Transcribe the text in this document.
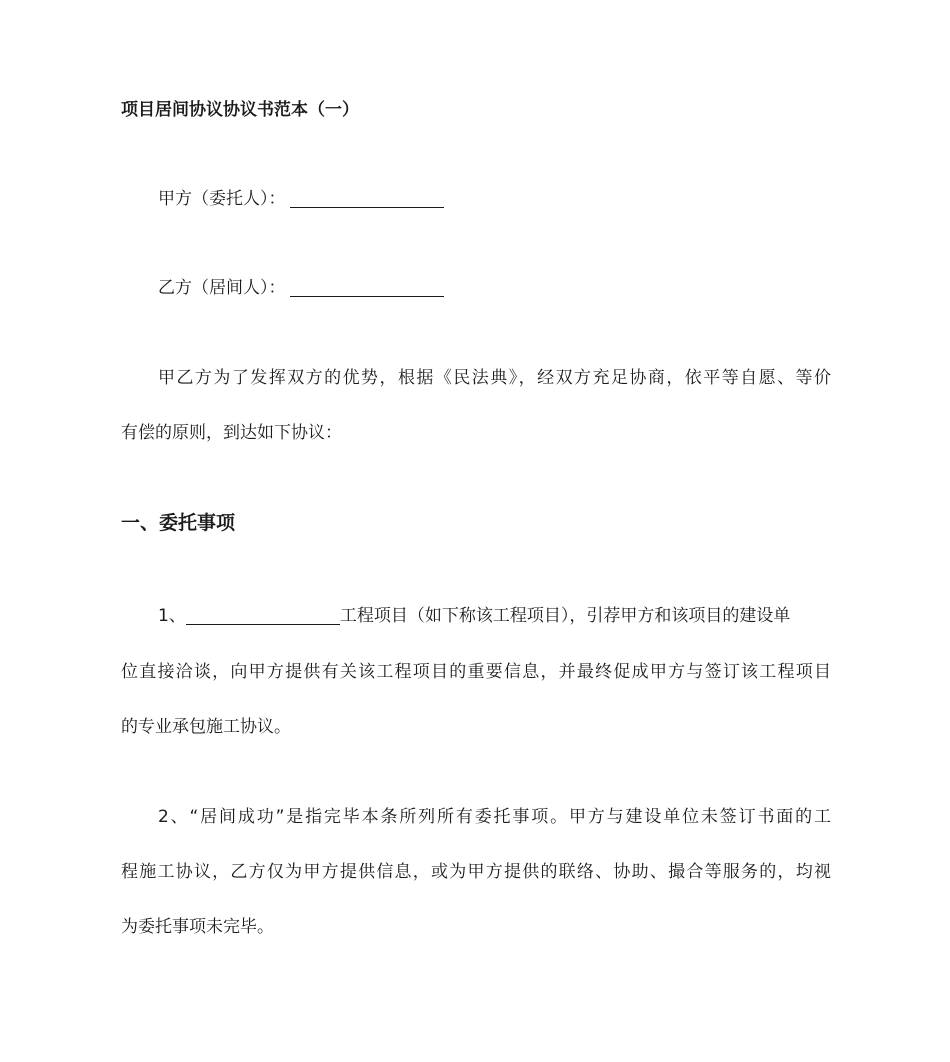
项目居间协议协议书范本（一）
甲方（委托人）：
乙方（居间人）：
甲乙方为了发挥双方的优势，根据《民法典》，经双方充足协商，依平等自愿、等价
有偿的原则，到达如下协议：
一、委托事项
1、	工程项目（如下称该工程项目），引荐甲方和该项目的建设单
位直接洽谈，向甲方提供有关该工程项目的重要信息，并最终促成甲方与签订该工程项目
的专业承包施工协议。
2、“居间成功”是指完毕本条所列所有委托事项。甲方与建设单位未签订书面的工
程施工协议，乙方仅为甲方提供信息，或为甲方提供的联络、协助、撮合等服务的，均视
为委托事项未完毕。
